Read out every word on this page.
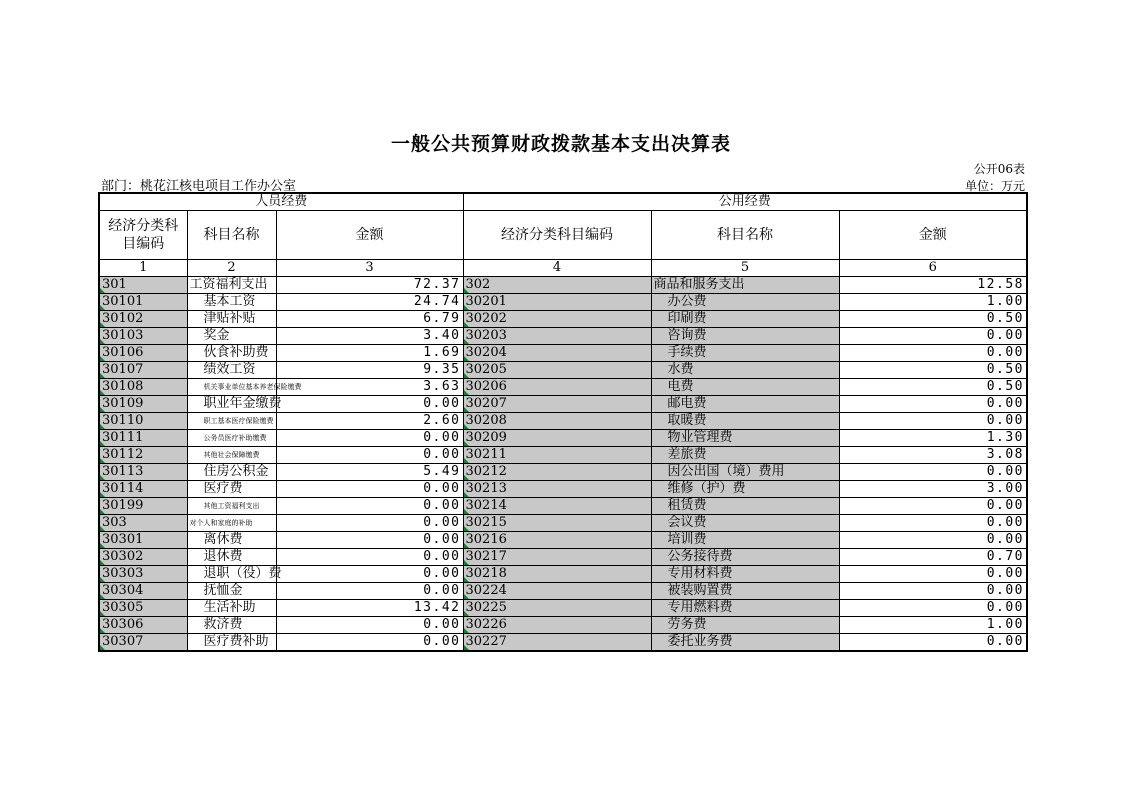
一般公共预算财政拨款基本支出决算表
公开06表
部门：桃花江核电项目工作办公室	单位：万元
人员经费			公用经费		
经济分类科目编码	科目名称	金额	经济分类科目编码	科目名称	金额
1	2	3	4	5	6
301	工资福利支出	72.37	302	商品和服务支出	12.58
30101	基本工资	24.74	30201	办公费	1.00
30102	津贴补贴	6.79	30202	印刷费	0.50
30103	奖金	3.40	30203	咨询费	0.00
30106	伙食补助费	1.69	30204	手续费	0.00
30107	绩效工资	9.35	30205	水费	0.50
30108	机关事业单位基本养老保险缴费	3.63	30206	电费	0.50
30109	职业年金缴费	0.00	30207	邮电费	0.00
30110	职工基本医疗保险缴费	2.60	30208	取暖费	0.00
30111	公务员医疗补助缴费	0.00	30209	物业管理费	1.30
30112	其他社会保障缴费	0.00	30211	差旅费	3.08
30113	住房公积金	5.49	30212	因公出国（境）费用	0.00
30114	医疗费	0.00	30213	维修（护）费	3.00
30199	其他工资福利支出	0.00	30214	租赁费	0.00
303	对个人和家庭的补助	0.00	30215	会议费	0.00
30301	离休费	0.00	30216	培训费	0.00
30302	退休费	0.00	30217	公务接待费	0.70
30303	退职（役）费	0.00	30218	专用材料费	0.00
30304	抚恤金	0.00	30224	被装购置费	0.00
30305	生活补助	13.42	30225	专用燃料费	0.00
30306	救济费	0.00	30226	劳务费	1.00
30307	医疗费补助	0.00	30227	委托业务费	0.00
